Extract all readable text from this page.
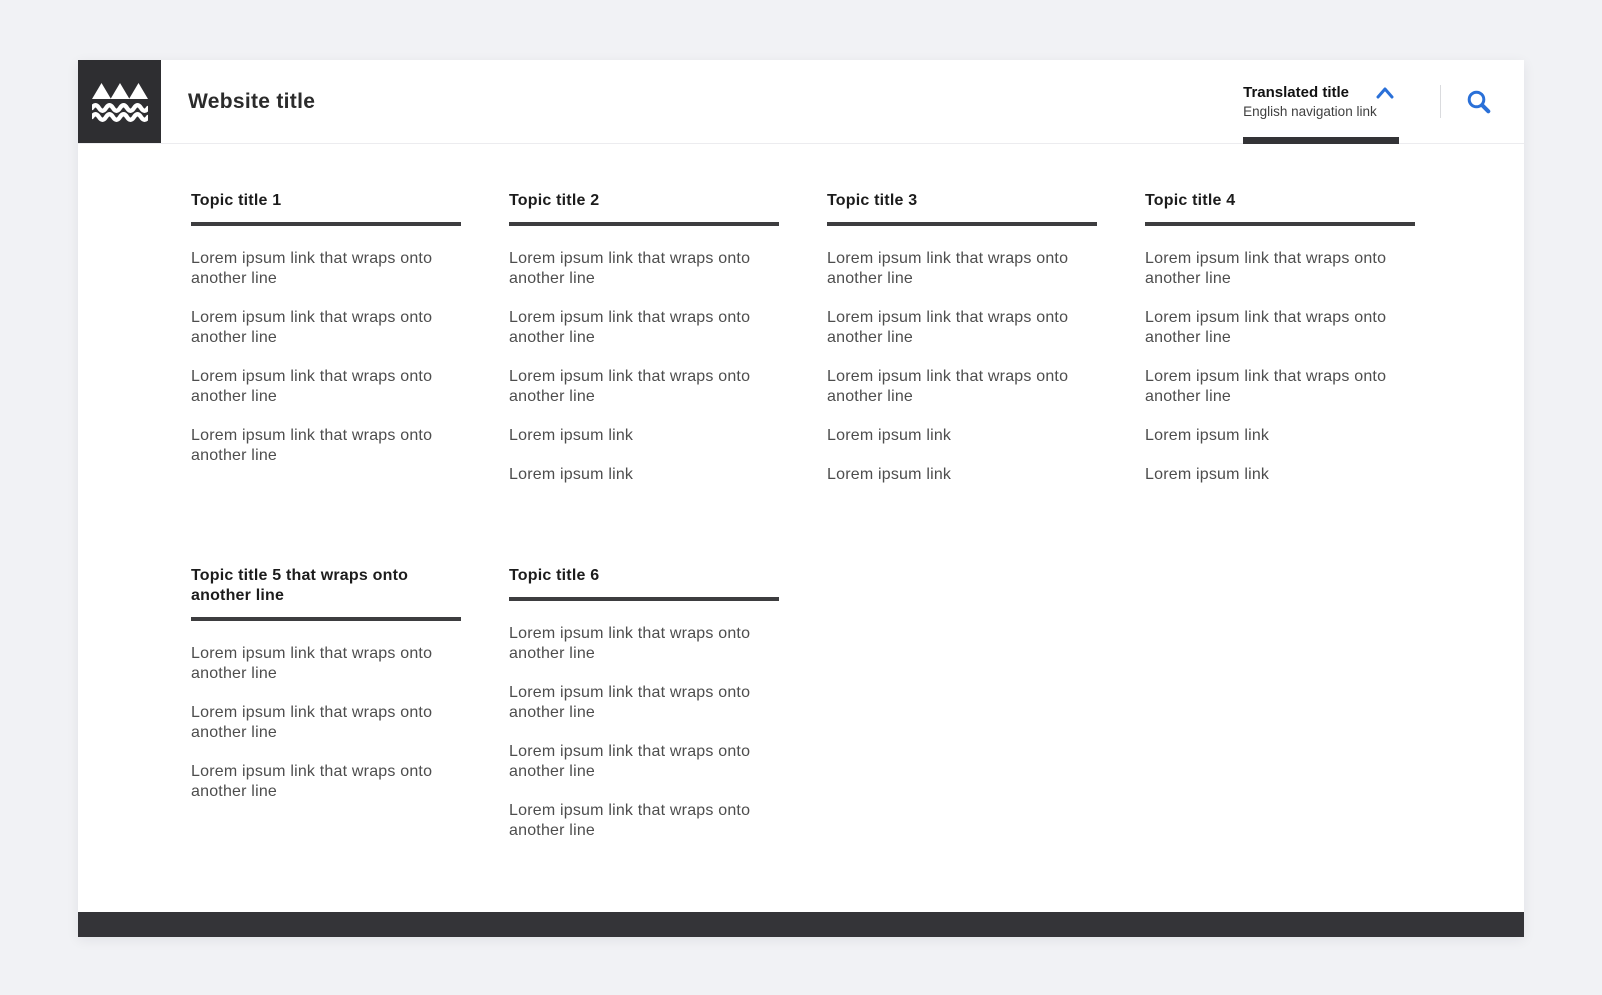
Website title	Translated title
English navigation link
Topic title 1
Lorem ipsum link that wraps onto another line
Lorem ipsum link that wraps onto another line
Lorem ipsum link that wraps onto another line
Lorem ipsum link that wraps onto another line
Topic title 2
Lorem ipsum link that wraps onto another line
Lorem ipsum link that wraps onto another line
Lorem ipsum link that wraps onto another line
Lorem ipsum link
Lorem ipsum link
Topic title 3
Lorem ipsum link that wraps onto another line
Lorem ipsum link that wraps onto another line
Lorem ipsum link that wraps onto another line
Lorem ipsum link
Lorem ipsum link
Topic title 4
Lorem ipsum link that wraps onto another line
Lorem ipsum link that wraps onto another line
Lorem ipsum link that wraps onto another line
Lorem ipsum link
Lorem ipsum link
Topic title 5 that wraps onto another line
Lorem ipsum link that wraps onto another line
Lorem ipsum link that wraps onto another line
Lorem ipsum link that wraps onto another line
Topic title 6
Lorem ipsum link that wraps onto another line
Lorem ipsum link that wraps onto another line
Lorem ipsum link that wraps onto another line
Lorem ipsum link that wraps onto another line
